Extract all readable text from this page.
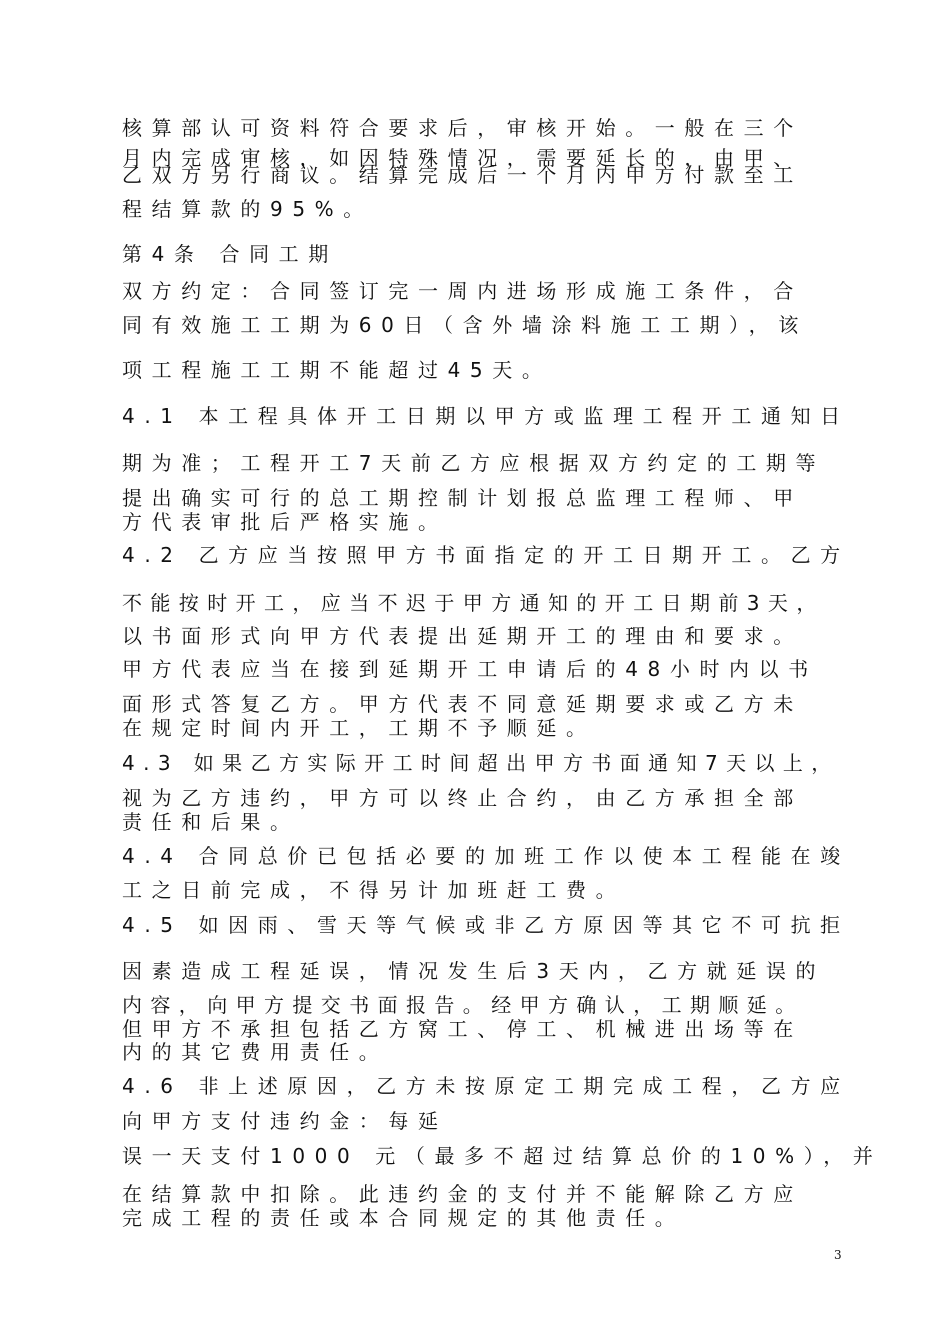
核算部认可资料符合要求后，审核开始。一般在三个
月内完成审核，如因特殊情况，需要延长的，由甲、
乙双方另行商议。结算完成后一个月内甲方付款至工
程结算款的95%。
第4条 合同工期
双方约定：合同签订完一周内进场形成施工条件，合
同有效施工工期为60日（含外墙涂料施工工期），该
项工程施工工期不能超过45天。
4.1 本工程具体开工日期以甲方或监理工程开工通知日
期为准；工程开工7天前乙方应根据双方约定的工期等
提出确实可行的总工期控制计划报总监理工程师、甲
方代表审批后严格实施。
4.2 乙方应当按照甲方书面指定的开工日期开工。乙方
不能按时开工，应当不迟于甲方通知的开工日期前3天，
以书面形式向甲方代表提出延期开工的理由和要求。
甲方代表应当在接到延期开工申请后的48小时内以书
面形式答复乙方。甲方代表不同意延期要求或乙方未
在规定时间内开工，工期不予顺延。
4.3 如果乙方实际开工时间超出甲方书面通知7天以上，
视为乙方违约，甲方可以终止合约，由乙方承担全部
责任和后果。
4.4 合同总价已包括必要的加班工作以使本工程能在竣
工之日前完成，不得另计加班赶工费。
4.5 如因雨、雪天等气候或非乙方原因等其它不可抗拒
因素造成工程延误，情况发生后3天内，乙方就延误的
内容，向甲方提交书面报告。经甲方确认，工期顺延。
但甲方不承担包括乙方窝工、停工、机械进出场等在
内的其它费用责任。
4.6 非上述原因，乙方未按原定工期完成工程，乙方应
向甲方支付违约金：每延
误一天支付1000 元（最多不超过结算总价的10%），并
在结算款中扣除。此违约金的支付并不能解除乙方应
完成工程的责任或本合同规定的其他责任。
3
